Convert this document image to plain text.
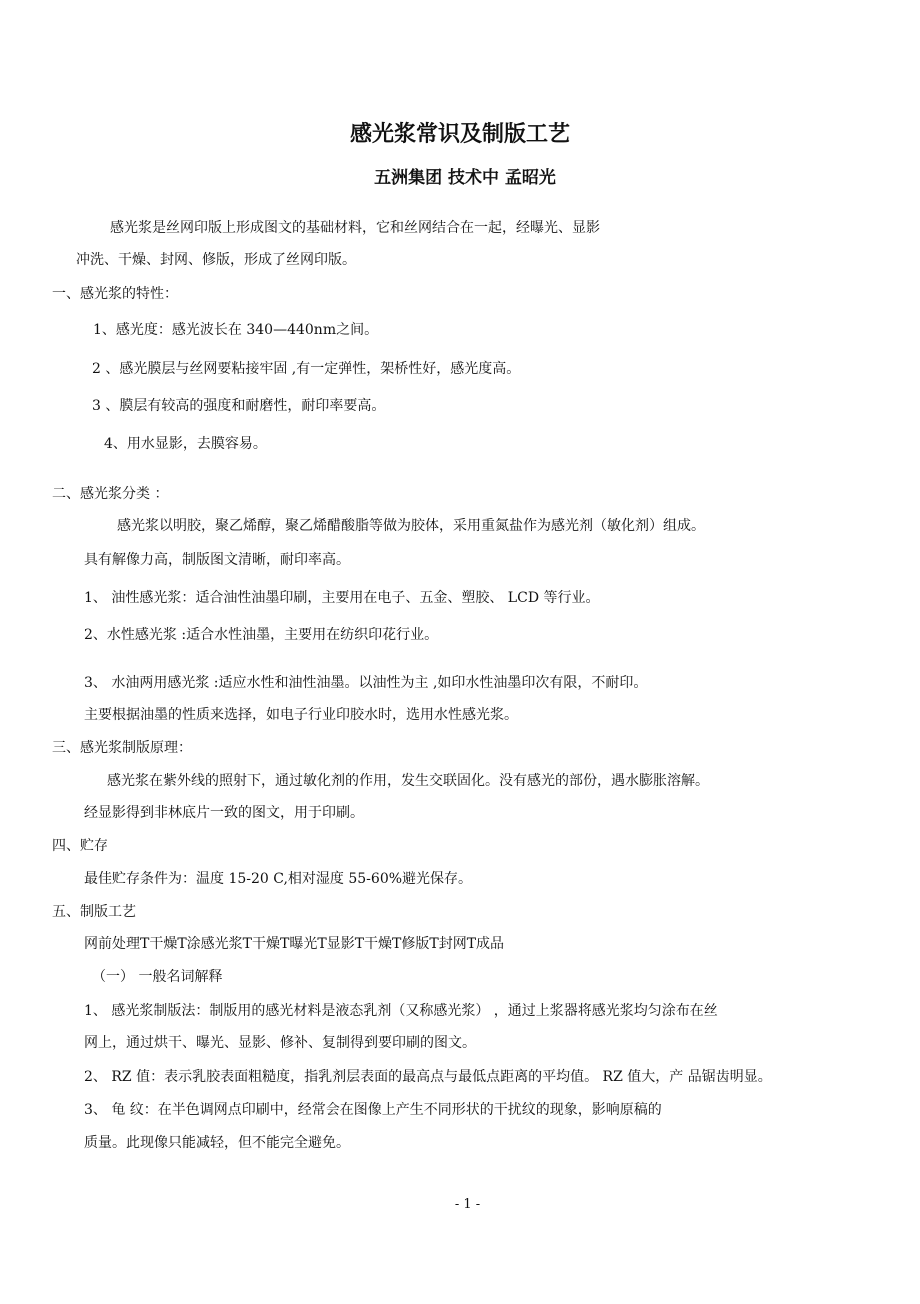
感光浆常识及制版工艺
五洲集团 技术中 孟昭光
感光浆是丝网印版上形成图文的基础材料，它和丝网结合在一起，经曝光、显影
冲洗、干燥、封网、修版，形成了丝网印版。
一、感光浆的特性：
1、感光度：感光波长在 340—440nm之间。
2 、感光膜层与丝网要粘接牢固 ,有一定弹性，架桥性好，感光度高。
3 、膜层有较高的强度和耐磨性，耐印率要高。
4、用水显影，去膜容易。
二、感光浆分类 ：
感光浆以明胶，聚乙烯醇，聚乙烯醋酸脂等做为胶体，采用重氮盐作为感光剂（敏化剂）组成。
具有解像力高，制版图文清晰，耐印率高。
1、 油性感光浆：适合油性油墨印刷，主要用在电子、五金、塑胶、 LCD 等行业。
2、水性感光浆 :适合水性油墨，主要用在纺织印花行业。
3、 水油两用感光浆 :适应水性和油性油墨。以油性为主 ,如印水性油墨印次有限，不耐印。
主要根据油墨的性质来选择，如电子行业印胶水时，选用水性感光浆。
三、感光浆制版原理：
感光浆在紫外线的照射下，通过敏化剂的作用，发生交联固化。没有感光的部份，遇水膨胀溶解。
经显影得到非林底片一致的图文，用于印刷。
四、贮存
最佳贮存条件为：温度 15-20 C,相对湿度 55-60%避光保存。
五、制版工艺
网前处理T干燥T涂感光浆T干燥T曝光T显影T干燥T修版T封网T成品
（一） 一般名词解释
1、 感光浆制版法：制版用的感光材料是液态乳剂（又称感光浆） ，通过上浆器将感光浆均匀涂布在丝
网上，通过烘干、曝光、显影、修补、复制得到要印刷的图文。
2、 RZ 值：表示乳胶表面粗糙度，指乳剂层表面的最高点与最低点距离的平均值。 RZ 值大，产 品锯齿明显。
3、 龟 纹：在半色调网点印刷中，经常会在图像上产生不同形状的干扰纹的现象，影响原稿的
质量。此现像只能减轻，但不能完全避免。
- 1 -
